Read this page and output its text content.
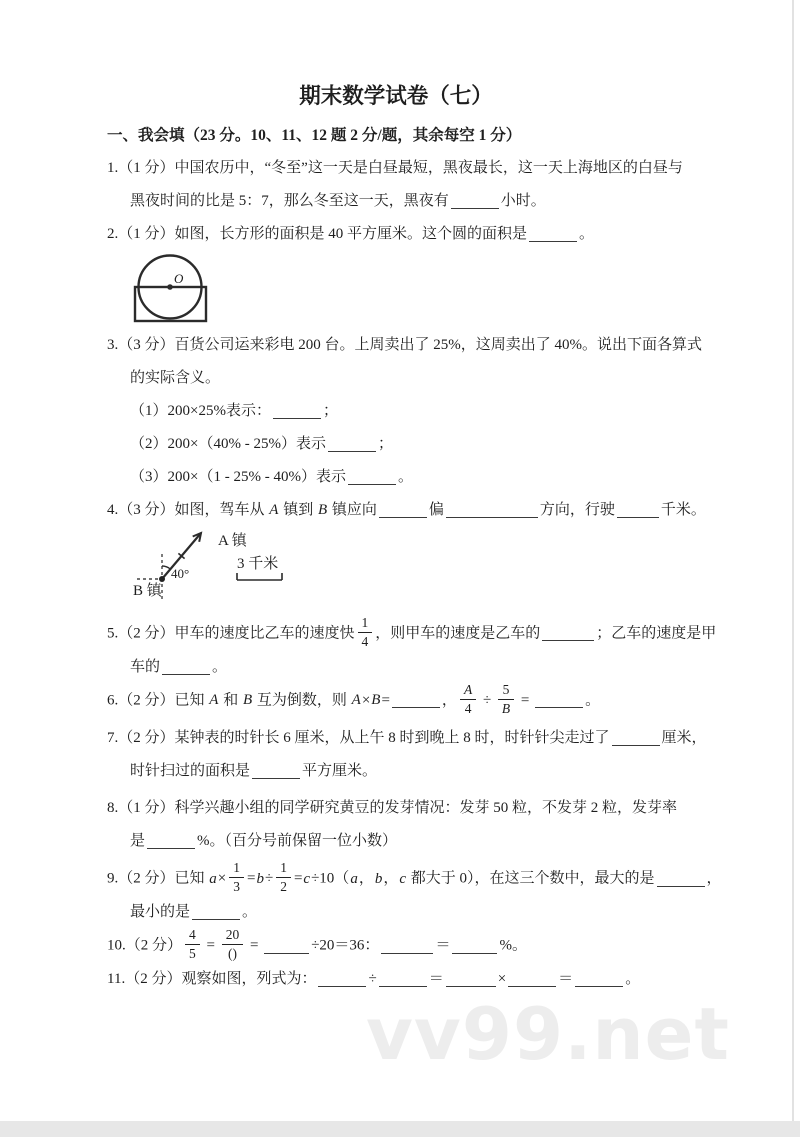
期末数学试卷（七）
一、我会填（23 分。10、11、12 题 2 分/题，其余每空 1 分）
1.（1 分）中国农历中，“冬至”这一天是白昼最短，黑夜最长，这一天上海地区的白昼与
黑夜时间的比是 5：7，那么冬至这一天，黑夜有	小时。
2.（1 分）如图，长方形的面积是 40 平方厘米。这个圆的面积是	。
O
3.（3 分）百货公司运来彩电 200 台。上周卖出了 25%，这周卖出了 40%。说出下面各算式
的实际含义。
（1）200×25%表示：	；
（2）200×（40% - 25%）表示	；
（3）200×（1 - 25% - 40%）表示	。
4.（3 分）如图，驾车从 A 镇到 B 镇应向	偏	方向，行驶	千米。
40°
A 镇
B 镇
3 千米
5.（2 分）甲车的速度比乙车的速度快 $\frac{1}{4}$ ，则甲车的速度是乙车的	；乙车的速度是甲
车的	。
6.（2 分）已知 A 和 B 互为倒数，则 A×B=	， $\frac{A}{4} \div \frac{5}{B}$ =	。
7.（2 分）某钟表的时针长 6 厘米，从上午 8 时到晚上 8 时，时针针尖走过了	厘米，
时针扫过的面积是	平方厘米。
8.（1 分）科学兴趣小组的同学研究黄豆的发芽情况：发芽 50 粒，不发芽 2 粒，发芽率
是	%。（百分号前保留一位小数）
9.（2 分）已知 $a\times \frac{1}{3} =b\div \frac{1}{2} =c\div 10(a$，b，c 都大于 0），在这三个数中，最大的是	，
最小的是	。
10.（2 分） $\frac{4}{5} = \frac{20}{()}$ =	÷20＝36：	＝	%。
11.（2 分）观察如图，列式为：	÷	＝	×	＝	。
vv99.net
